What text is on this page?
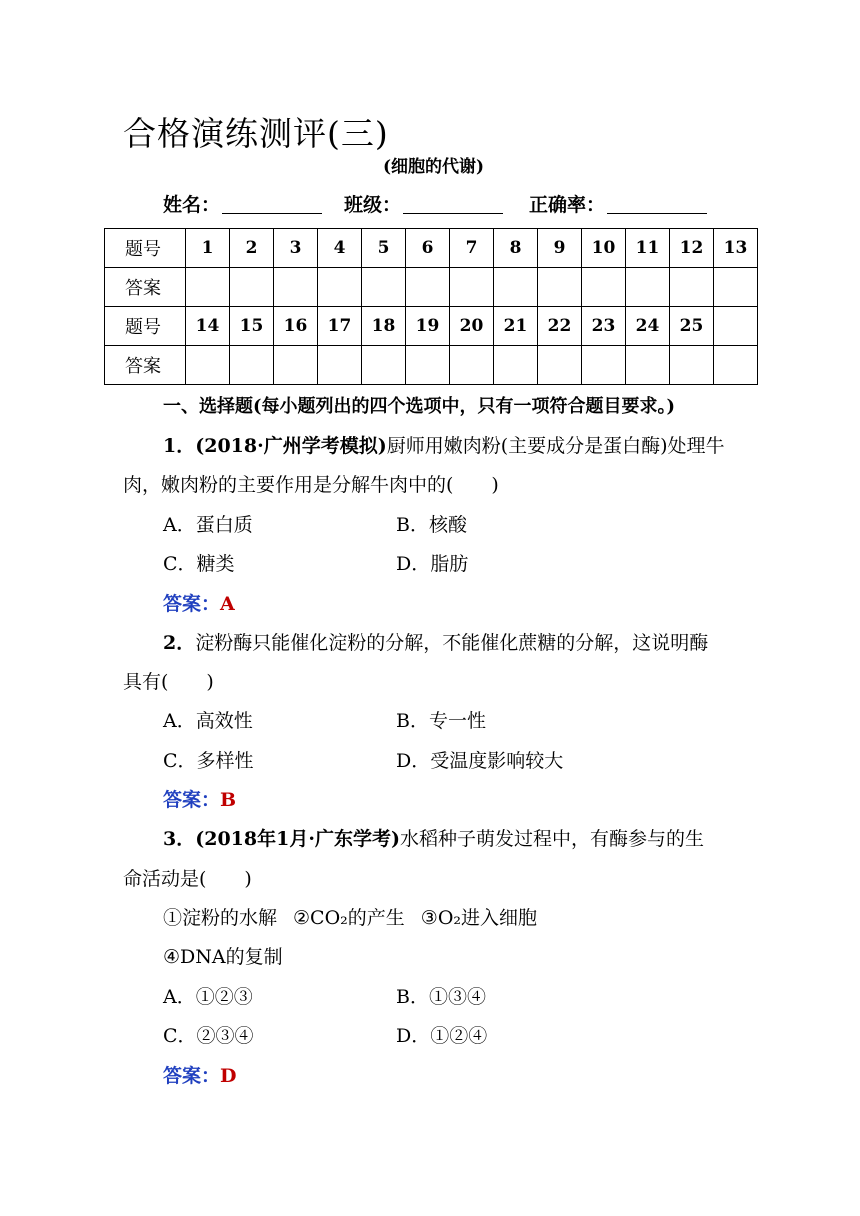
合格演练测评(三)
(细胞的代谢)
姓名：	班级：	正确率：
题号	1	2	3	4	5	6	7	8	9	10	11	12	13
答案													
题号	14	15	16	17	18	19	20	21	22	23	24	25	
答案													
一、选择题(每小题列出的四个选项中，只有一项符合题目要求。)
1．(2018·广州学考模拟)厨师用嫩肉粉(主要成分是蛋白酶)处理牛
肉，嫩肉粉的主要作用是分解牛肉中的(　　)
A．蛋白质	B．核酸
C．糖类	D．脂肪
答案：A
2．淀粉酶只能催化淀粉的分解，不能催化蔗糖的分解，这说明酶
具有(　　)
A．高效性	B．专一性
C．多样性	D．受温度影响较大
答案：B
3．(2018年1月·广东学考)水稻种子萌发过程中，有酶参与的生
命活动是(　　)
①淀粉的水解 ②CO₂的产生 ③O₂进入细胞
④DNA的复制
A．①②③	B．①③④
C．②③④	D．①②④
答案：D
